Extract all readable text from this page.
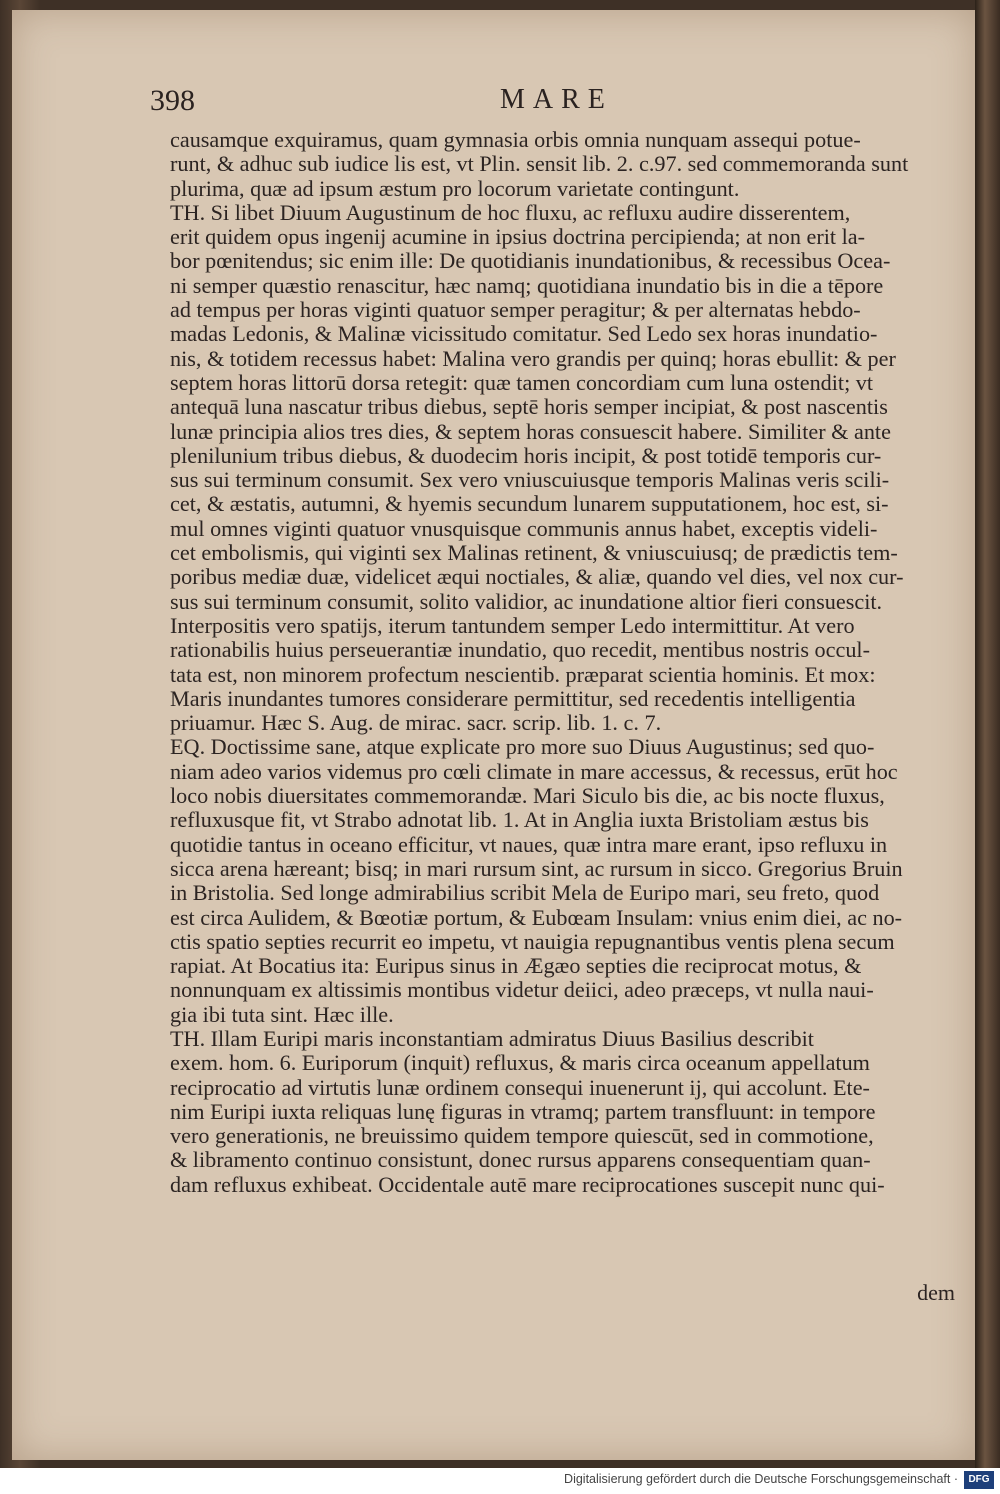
398	MARE
causamque exquiramus, quam gymnasia orbis omnia nunquam assequi potue-
runt, & adhuc sub iudice lis est, vt Plin. sensit lib. 2. c.97. sed commemoranda sunt
plurima, quæ ad ipsum æstum pro locorum varietate contingunt.
TH. Si libet Diuum Augustinum de hoc fluxu, ac refluxu audire disserentem,
erit quidem opus ingenij acumine in ipsius doctrina percipienda; at non erit la-
bor pœnitendus; sic enim ille: De quotidianis inundationibus, & recessibus Ocea-
ni semper quæstio renascitur, hæc namq; quotidiana inundatio bis in die a tēpore
ad tempus per horas viginti quatuor semper peragitur; & per alternatas hebdo-
madas Ledonis, & Malinæ vicissitudo comitatur. Sed Ledo sex horas inundatio-
nis, & totidem recessus habet: Malina vero grandis per quinq; horas ebullit: & per
septem horas littorū dorsa retegit: quæ tamen concordiam cum luna ostendit; vt
antequā luna nascatur tribus diebus, septē horis semper incipiat, & post nascentis
lunæ principia alios tres dies, & septem horas consuescit habere. Similiter & ante
plenilunium tribus diebus, & duodecim horis incipit, & post totidē temporis cur-
sus sui terminum consumit. Sex vero vniuscuiusque temporis Malinas veris scili-
cet, & æstatis, autumni, & hyemis secundum lunarem supputationem, hoc est, si-
mul omnes viginti quatuor vnusquisque communis annus habet, exceptis videli-
cet embolismis, qui viginti sex Malinas retinent, & vniuscuiusq; de prædictis tem-
poribus mediæ duæ, videlicet æqui noctiales, & aliæ, quando vel dies, vel nox cur-
sus sui terminum consumit, solito validior, ac inundatione altior fieri consuescit.
Interpositis vero spatijs, iterum tantundem semper Ledo intermittitur. At vero
rationabilis huius perseuerantiæ inundatio, quo recedit, mentibus nostris occul-
tata est, non minorem profectum nescientib. præparat scientia hominis. Et mox:
Maris inundantes tumores considerare permittitur, sed recedentis intelligentia
priuamur. Hæc S. Aug. de mirac. sacr. scrip. lib. 1. c. 7.
EQ. Doctissime sane, atque explicate pro more suo Diuus Augustinus; sed quo-
niam adeo varios videmus pro cœli climate in mare accessus, & recessus, erūt hoc
loco nobis diuersitates commemorandæ. Mari Siculo bis die, ac bis nocte fluxus,
refluxusque fit, vt Strabo adnotat lib. 1. At in Anglia iuxta Bristoliam æstus bis
quotidie tantus in oceano efficitur, vt naues, quæ intra mare erant, ipso refluxu in
sicca arena hæreant; bisq; in mari rursum sint, ac rursum in sicco. Gregorius Bruin
in Bristolia. Sed longe admirabilius scribit Mela de Euripo mari, seu freto, quod
est circa Aulidem, & Bœotiæ portum, & Eubœam Insulam: vnius enim diei, ac no-
ctis spatio septies recurrit eo impetu, vt nauigia repugnantibus ventis plena secum
rapiat. At Bocatius ita: Euripus sinus in Ægæo septies die reciprocat motus, &
nonnunquam ex altissimis montibus videtur deiici, adeo præceps, vt nulla naui-
gia ibi tuta sint. Hæc ille.
TH. Illam Euripi maris inconstantiam admiratus Diuus Basilius describit
exem. hom. 6. Euriporum (inquit) refluxus, & maris circa oceanum appellatum
reciprocatio ad virtutis lunæ ordinem consequi inuenerunt ij, qui accolunt. Ete-
nim Euripi iuxta reliquas lunę figuras in vtramq; partem transfluunt: in tempore
vero generationis, ne breuissimo quidem tempore quiescūt, sed in commotione,
& libramento continuo consistunt, donec rursus apparens consequentiam quan-
dam refluxus exhibeat. Occidentale autē mare reciprocationes suscepit nunc qui-
dem
Digitalisierung gefördert durch die Deutsche Forschungsgemeinschaft ·	DFG
